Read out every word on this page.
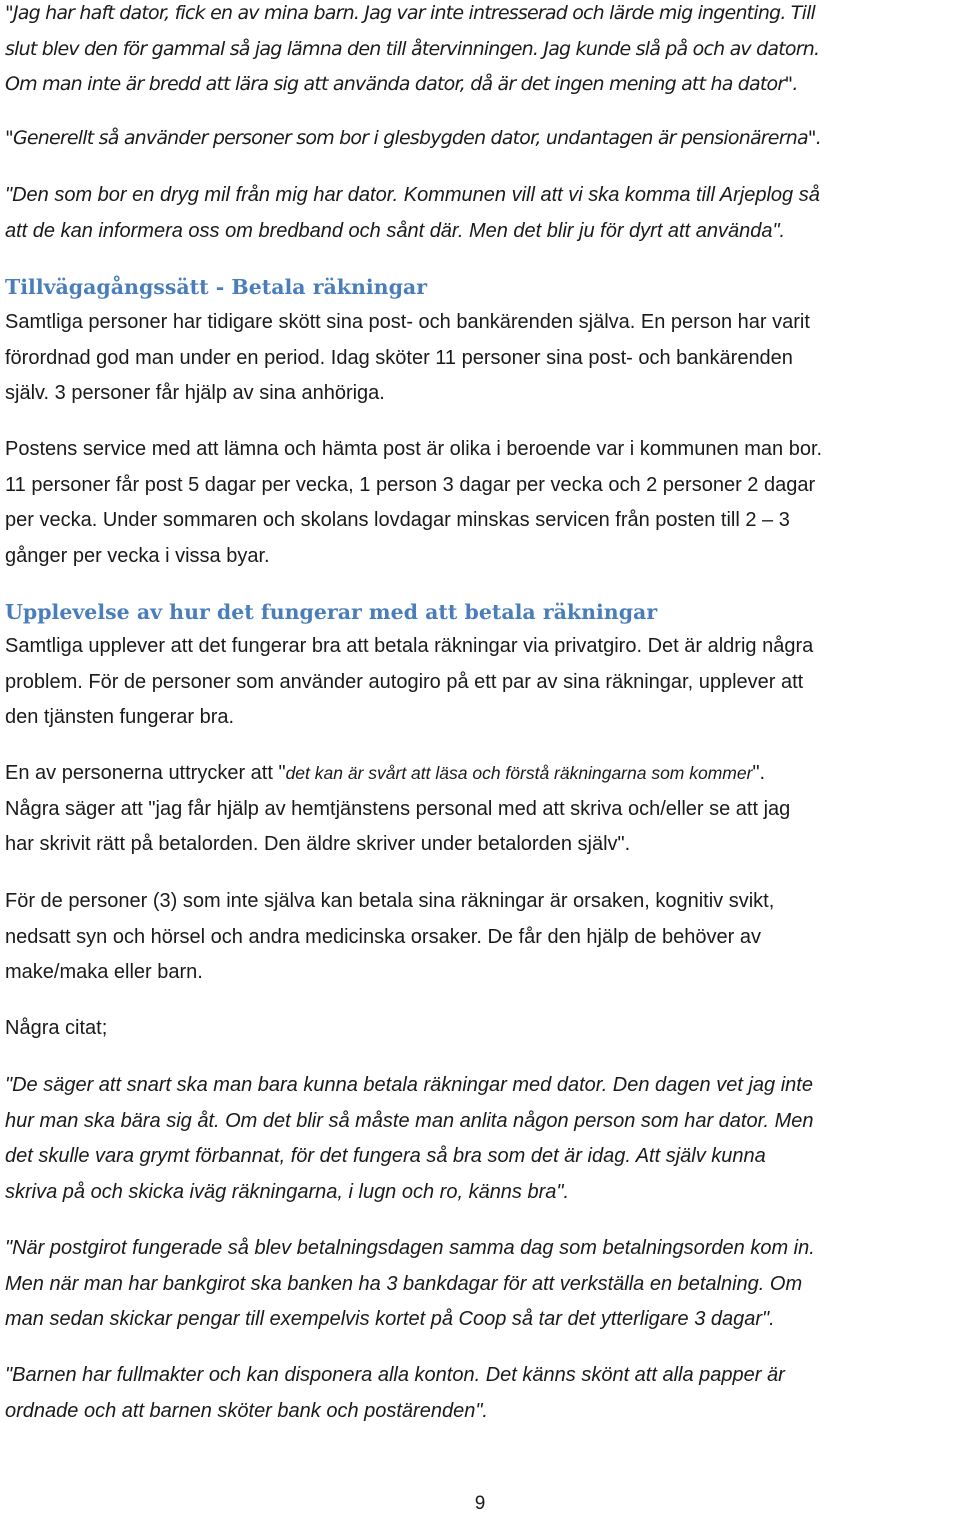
"Jag har haft dator, fick en av mina barn. Jag var inte intresserad och lärde mig ingenting. Till

slut blev den för gammal så jag lämna den till återvinningen. Jag kunde slå på och av datorn.

Om man inte är bredd att lära sig att använda dator, då är det ingen mening att ha dator".

"Generellt så använder personer som bor i glesbygden dator, undantagen är pensionärerna".

"Den som bor en dryg mil från mig har dator. Kommunen vill att vi ska komma till Arjeplog så

att de kan informera oss om bredband och sånt där. Men det blir ju för dyrt att använda".

Tillvägagångssätt - Betala räkningar

Samtliga personer har tidigare skött sina post- och bankärenden själva. En person har varit

förordnad god man under en period. Idag sköter 11 personer sina post- och bankärenden

själv. 3 personer får hjälp av sina anhöriga.

Postens service med att lämna och hämta post är olika i beroende var i kommunen man bor.

11 personer får post 5 dagar per vecka, 1 person 3 dagar per vecka och 2 personer 2 dagar

per vecka. Under sommaren och skolans lovdagar minskas servicen från posten till 2 – 3

gånger per vecka i vissa byar.

Upplevelse av hur det fungerar med att betala räkningar

Samtliga upplever att det fungerar bra att betala räkningar via privatgiro. Det är aldrig några

problem. För de personer som använder autogiro på ett par av sina räkningar, upplever att

den tjänsten fungerar bra.

En av personerna uttrycker att "det kan är svårt att läsa och förstå räkningarna som kommer".

Några säger att "jag får hjälp av hemtjänstens personal med att skriva och/eller se att jag

har skrivit rätt på betalorden. Den äldre skriver under betalorden själv".

För de personer (3) som inte själva kan betala sina räkningar är orsaken, kognitiv svikt,

nedsatt syn och hörsel och andra medicinska orsaker. De får den hjälp de behöver av

make/maka eller barn.

Några citat;

"De säger att snart ska man bara kunna betala räkningar med dator. Den dagen vet jag inte

hur man ska bära sig åt. Om det blir så måste man anlita någon person som har dator. Men

det skulle vara grymt förbannat, för det fungera så bra som det är idag. Att själv kunna

skriva på och skicka iväg räkningarna, i lugn och ro, känns bra".

"När postgirot fungerade så blev betalningsdagen samma dag som betalningsorden kom in.

Men när man har bankgirot ska banken ha 3 bankdagar för att verkställa en betalning. Om

man sedan skickar pengar till exempelvis kortet på Coop så tar det ytterligare 3 dagar".

"Barnen har fullmakter och kan disponera alla konton. Det känns skönt att alla papper är

ordnade och att barnen sköter bank och postärenden".

9
